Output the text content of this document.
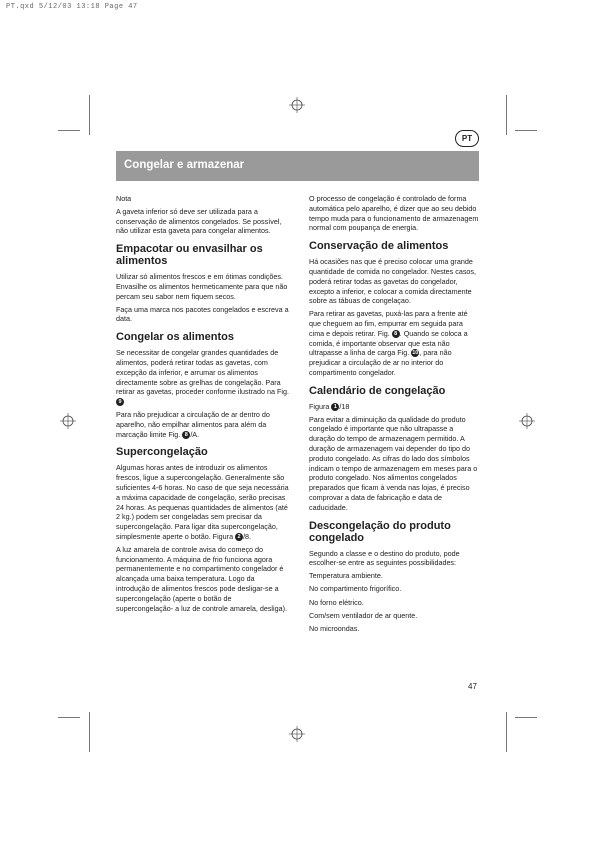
PT.qxd 5/12/03 13:18 Page 47
PT
Congelar e armazenar

Nota

A gaveta inferior só deve ser utilizada para a conservação de alimentos congelados. Se possível, não utilizar esta gaveta para congelar alimentos.

Empacotar ou envasilhar os alimentos

Utilizar só alimentos frescos e em ótimas condições. Envasilhe os alimentos hermeticamente para que não percam seu sabor nem fiquem secos.

Faça uma marca nos pacotes congelados e escreva a data.

Congelar os alimentos

Se necessitar de congelar grandes quantidades de alimentos, poderá retirar todas as gavetas, com excepção da inferior, e arrumar os alimentos directamente sobre as grelhas de congelação. Para retirar as gavetas, proceder conforme ilustrado na Fig. 9

Para não prejudicar a circulação de ar dentro do aparelho, não empilhar alimentos para além da marcação limite Fig. 8 /A.

Supercongelação

Algumas horas antes de introduzir os alimentos frescos, ligue a supercongelação. Generalmente são suficientes 4-6 horas. No caso de que seja necessária a máxima capacidade de congelação, serão precisas 24 horas. As pequenas quantidades de alimentos (até 2 kg.) podem ser congeladas sem precisar da supercongelação. Para ligar dita supercongelação, simplesmente aperte o botão. Figura 2 /8.

A luz amarela de controle avisa do começo do funcionamento. A máquina de frio funciona agora permanentemente e no compartimento congelador é alcançada uma baixa temperatura. Logo da introdução de alimentos frescos pode desligar-se a supercongelação (aperte o botão de supercongelação- a luz de controle amarela, desliga).

O processo de congelação é controlado de forma automática pelo aparelho, é dizer que ao seu debido tempo muda para o funcionamento de armazenagem normal com poupança de energia.

Conservação de alimentos

Há ocasiões nas que é preciso colocar uma grande quantidade de comida no congelador. Nestes casos, poderá retirar todas as gavetas do congelador, excepto a inferior, e colocar a comida directamente sobre as tábuas de congelaçao.

Para retirar as gavetas, puxá-las para a frente até que cheguem ao fim, empurrar em seguida para cima e depois retirar. Fig. 8 . Quando se coloca a comida, é importante observar que esta não ultrapasse a linha de carga Fig. 10, para não prejudicar a circulação de ar no interior do compartimento congelador.

Calendário de congelação

Figura 1 /18

Para evitar a diminuição da qualidade do produto congelado é importante que não ultrapasse a duração do tempo de armazenagem permitido. A duração de armazenagem vai depender do tipo do produto congelado. As cifras do lado dos símbolos indicam o tempo de armazenagem em meses para o produto congelado. Nos alimentos congelados preparados que ficam à venda nas lojas, é preciso comprovar a data de fabricação e data de caducidade.

Descongelação do produto congelado

Segundo a classe e o destino do produto, pode escolher-se entre as seguintes possibilidades:

Temperatura ambiente.

No compartimento frigorífico.

No forno elétrico.

Com/sem ventilador de ar quente.

No microondas.

47
